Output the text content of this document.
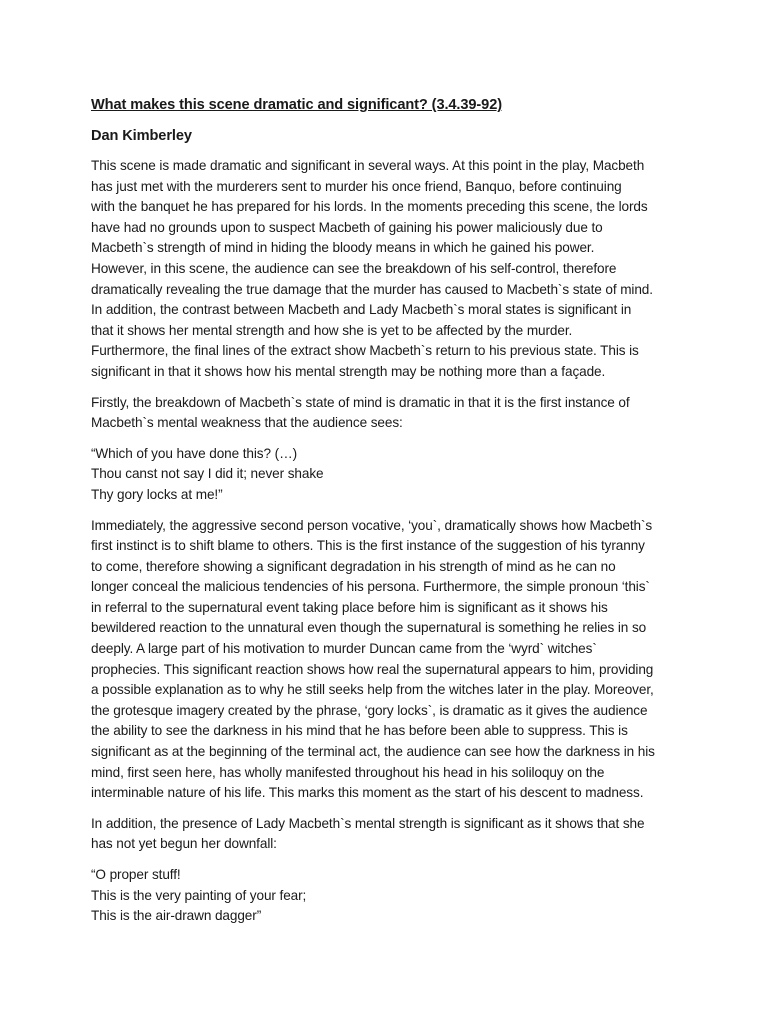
What makes this scene dramatic and significant? (3.4.39-92)
Dan Kimberley

This scene is made dramatic and significant in several ways. At this point in the play, Macbeth
has just met with the murderers sent to murder his once friend, Banquo, before continuing
with the banquet he has prepared for his lords. In the moments preceding this scene, the lords
have had no grounds upon to suspect Macbeth of gaining his power maliciously due to
Macbeth`s strength of mind in hiding the bloody means in which he gained his power.
However, in this scene, the audience can see the breakdown of his self-control, therefore
dramatically revealing the true damage that the murder has caused to Macbeth`s state of mind.
In addition, the contrast between Macbeth and Lady Macbeth`s moral states is significant in
that it shows her mental strength and how she is yet to be affected by the murder.
Furthermore, the final lines of the extract show Macbeth`s return to his previous state. This is
significant in that it shows how his mental strength may be nothing more than a façade.

Firstly, the breakdown of Macbeth`s state of mind is dramatic in that it is the first instance of
Macbeth`s mental weakness that the audience sees:

“Which of you have done this? (…)
Thou canst not say I did it; never shake
Thy gory locks at me!”

Immediately, the aggressive second person vocative, ‘you`, dramatically shows how Macbeth`s
first instinct is to shift blame to others. This is the first instance of the suggestion of his tyranny
to come, therefore showing a significant degradation in his strength of mind as he can no
longer conceal the malicious tendencies of his persona. Furthermore, the simple pronoun ‘this`
in referral to the supernatural event taking place before him is significant as it shows his
bewildered reaction to the unnatural even though the supernatural is something he relies in so
deeply. A large part of his motivation to murder Duncan came from the ‘wyrd` witches`
prophecies. This significant reaction shows how real the supernatural appears to him, providing
a possible explanation as to why he still seeks help from the witches later in the play. Moreover,
the grotesque imagery created by the phrase, ‘gory locks`, is dramatic as it gives the audience
the ability to see the darkness in his mind that he has before been able to suppress. This is
significant as at the beginning of the terminal act, the audience can see how the darkness in his
mind, first seen here, has wholly manifested throughout his head in his soliloquy on the
interminable nature of his life. This marks this moment as the start of his descent to madness.

In addition, the presence of Lady Macbeth`s mental strength is significant as it shows that she
has not yet begun her downfall:

“O proper stuff!
This is the very painting of your fear;
This is the air-drawn dagger”
